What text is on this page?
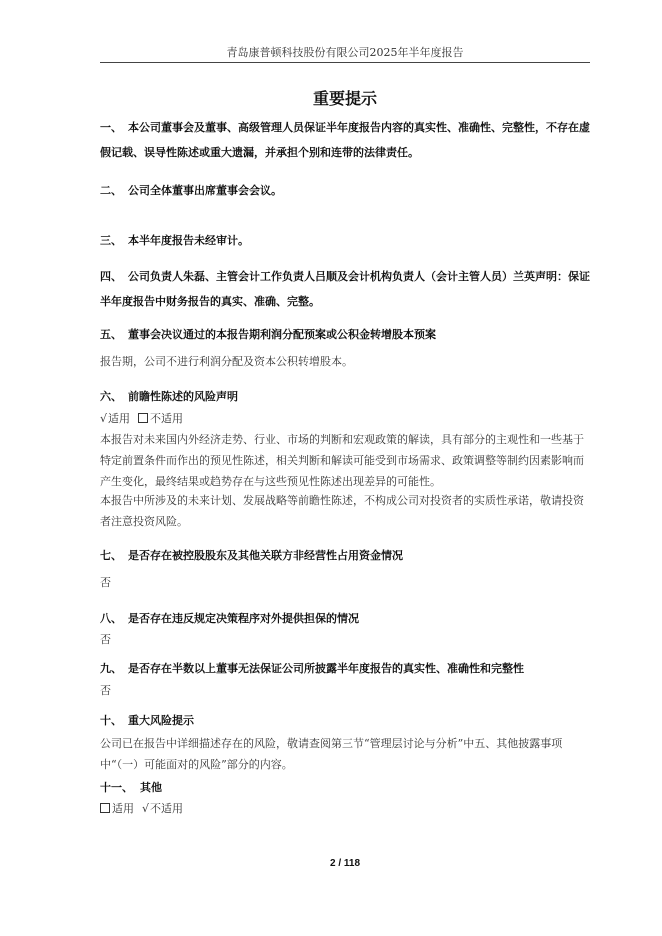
青岛康普顿科技股份有限公司2025年半年度报告
重要提示
一、 本公司董事会及董事、高级管理人员保证半年度报告内容的真实性、准确性、完整性，不存在虚假记载、误导性陈述或重大遗漏，并承担个别和连带的法律责任。
二、 公司全体董事出席董事会会议。
三、 本半年度报告未经审计。
四、 公司负责人朱磊、主管会计工作负责人吕顺及会计机构负责人（会计主管人员）兰英声明：保证半年度报告中财务报告的真实、准确、完整。
五、 董事会决议通过的本报告期利润分配预案或公积金转增股本预案
报告期，公司不进行利润分配及资本公积转增股本。
六、 前瞻性陈述的风险声明
√适用 不适用
本报告对未来国内外经济走势、行业、市场的判断和宏观政策的解读，具有部分的主观性和一些基于特定前置条件而作出的预见性陈述，相关判断和解读可能受到市场需求、政策调整等制约因素影响而产生变化，最终结果或趋势存在与这些预见性陈述出现差异的可能性。
本报告中所涉及的未来计划、发展战略等前瞻性陈述，不构成公司对投资者的实质性承诺，敬请投资者注意投资风险。
七、 是否存在被控股股东及其他关联方非经营性占用资金情况
否
八、 是否存在违反规定决策程序对外提供担保的情况
否
九、 是否存在半数以上董事无法保证公司所披露半年度报告的真实性、准确性和完整性
否
十、 重大风险提示
公司已在报告中详细描述存在的风险，敬请查阅第三节“管理层讨论与分析”中五、其他披露事项中“（一）可能面对的风险”部分的内容。
十一、 其他
适用 √不适用
2 / 118
